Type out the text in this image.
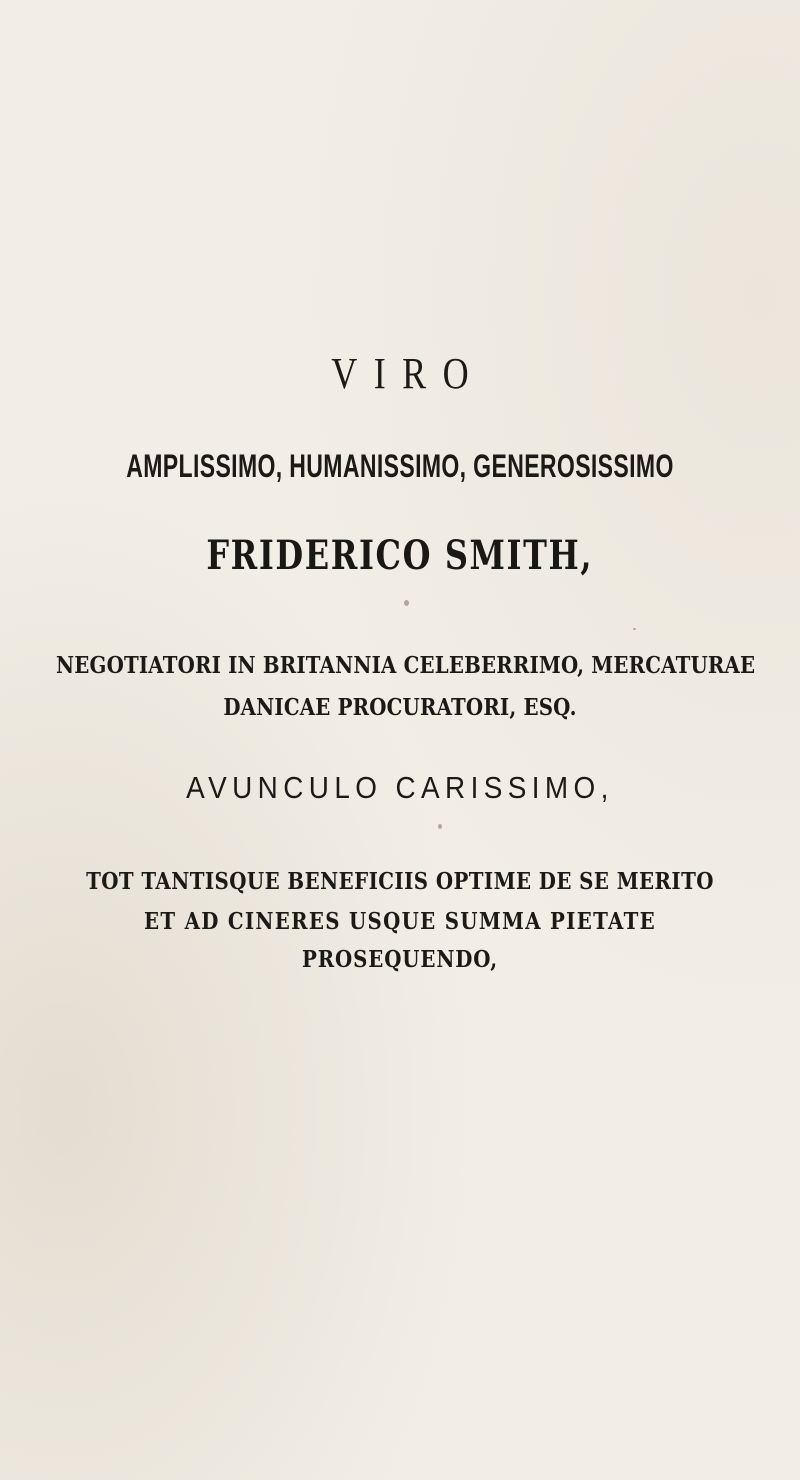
VIRO
AMPLISSIMO, HUMANISSIMO, GENEROSISSIMO
FRIDERICO SMITH,
NEGOTIATORI IN BRITANNIA CELEBERRIMO, MERCATURAE
DANICAE PROCURATORI, ESQ.
AVUNCULO CARISSIMO,
TOT TANTISQUE BENEFICIIS OPTIME DE SE MERITO
ET AD CINERES USQUE SUMMA PIETATE
PROSEQUENDO,
